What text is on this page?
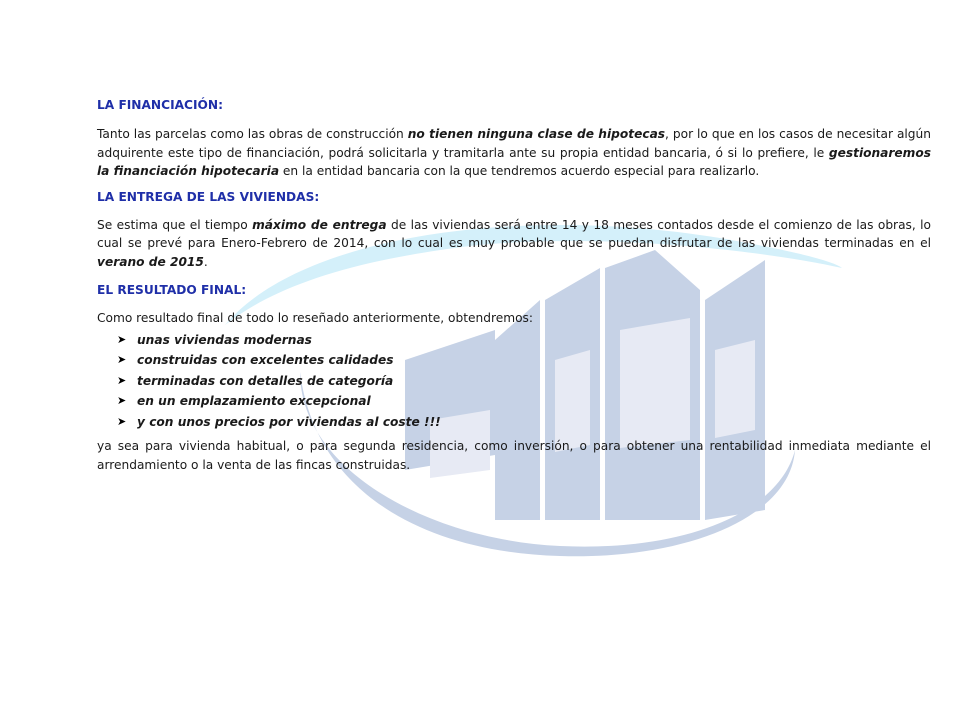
LA FINANCIACIÓN:

Tanto las parcelas como las obras de construcción no tienen ninguna clase de hipotecas, por lo que en los casos de necesitar algún adquirente este tipo de financiación, podrá solicitarla y tramitarla ante su propia entidad bancaria, ó si lo prefiere, le gestionaremos la financiación hipotecaria en la entidad bancaria con la que tendremos acuerdo especial para realizarlo.

LA ENTREGA DE LAS VIVIENDAS:

Se estima que el tiempo máximo de entrega de las viviendas será entre 14 y 18 meses contados desde el comienzo de las obras, lo cual se prevé para Enero-Febrero de 2014, con lo cual es muy probable que se puedan disfrutar de las viviendas terminadas en el verano de 2015.

EL RESULTADO FINAL:

Como resultado final de todo lo reseñado anteriormente, obtendremos:

➤ unas viviendas modernas
➤ construidas con excelentes calidades
➤ terminadas con detalles de categoría
➤ en un emplazamiento excepcional
➤ y con unos precios por viviendas al coste !!!

ya sea para vivienda habitual, o para segunda residencia, como inversión, o para obtener una rentabilidad inmediata mediante el arrendamiento o la venta de las fincas construidas.
